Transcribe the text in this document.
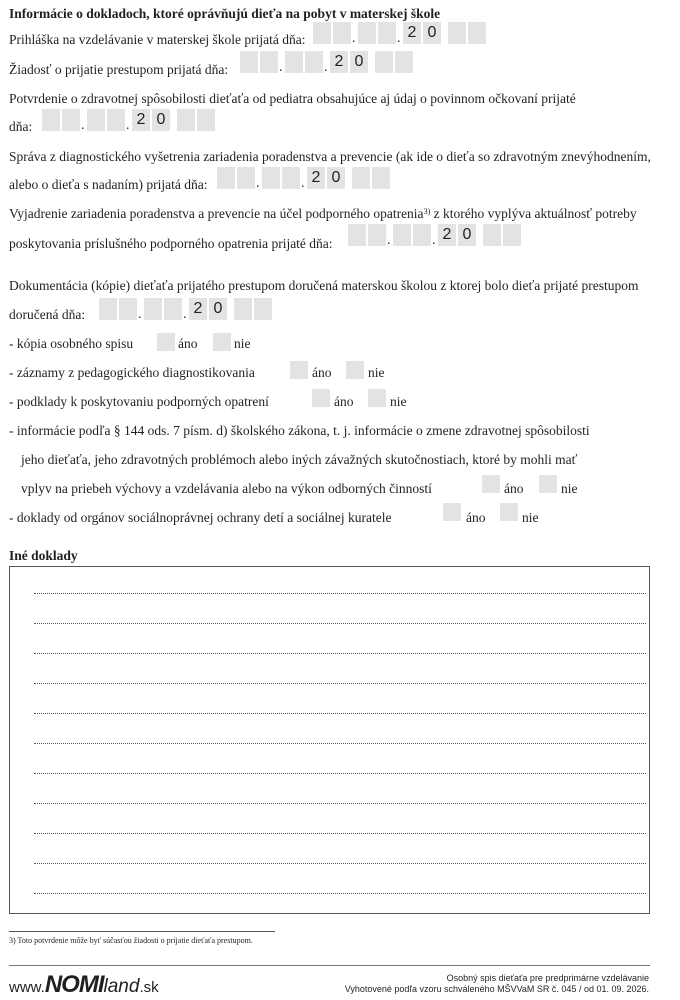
Informácie o dokladoch, ktoré oprávňujú dieťa na pobyt v materskej škole
Prihláška na vzdelávanie v materskej škole prijatá dňa:	.	. 2 0
Žiadosť o prijatie prestupom prijatá dňa:	.	. 2 0
Potvrdenie o zdravotnej spôsobilosti dieťaťa od pediatra obsahujúce aj údaj o povinnom očkovaní prijaté
dňa:	.	. 2 0
Správa z diagnostického vyšetrenia zariadenia poradenstva a prevencie (ak ide o dieťa so zdravotným znevýhodnením,
alebo o dieťa s nadaním) prijatá dňa:	.	. 2 0
Vyjadrenie zariadenia poradenstva a prevencie na účel podporného opatrenia$^{3)}$ z ktorého vyplýva aktuálnosť potreby
poskytovania príslušného podporného opatrenia prijaté dňa:	.	. 2 0
Dokumentácia (kópie) dieťaťa prijatého prestupom doručená materskou školou z ktorej bolo dieťa prijaté prestupom
doručená dňa:	.	. 2 0
- kópia osobného spisu	áno	nie
- záznamy z pedagogického diagnostikovania	áno	nie
- podklady k poskytovaniu podporných opatrení	áno	nie
- informácie podľa § 144 ods. 7 písm. d) školského zákona, t. j. informácie o zmene zdravotnej spôsobilosti
jeho dieťaťa, jeho zdravotných problémoch alebo iných závažných skutočnostiach, ktoré by mohli mať
vplyv na priebeh výchovy a vzdelávania alebo na výkon odborných činností	áno	nie
- doklady od orgánov sociálnoprávnej ochrany detí a sociálnej kuratele	áno	nie
Iné doklady
3) Toto potvrdenie môže byť súčasťou žiadosti o prijatie dieťaťa prestupom.
www.NOMIland.sk
Osobný spis dieťaťa pre predprimárne vzdelávanie
Vyhotovené podľa vzoru schváleného MŠVVaM SR č. 045 / od 01. 09. 2026.
